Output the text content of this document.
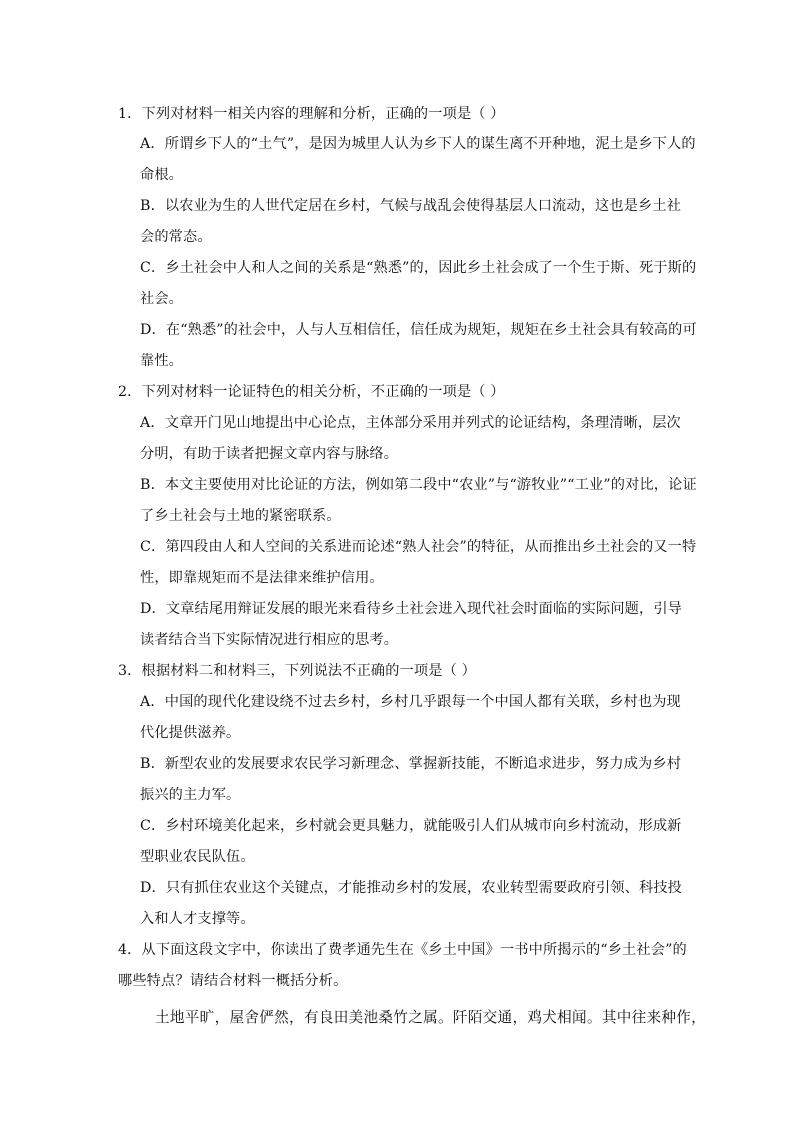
1．下列对材料一相关内容的理解和分析，正确的一项是（ ）
A．所谓乡下人的“土气”，是因为城里人认为乡下人的谋生离不开种地，泥土是乡下人的
命根。
B．以农业为生的人世代定居在乡村，气候与战乱会使得基层人口流动，这也是乡土社
会的常态。
C．乡土社会中人和人之间的关系是“熟悉”的，因此乡土社会成了一个生于斯、死于斯的
社会。
D．在“熟悉”的社会中，人与人互相信任，信任成为规矩，规矩在乡土社会具有较高的可
靠性。
2．下列对材料一论证特色的相关分析，不正确的一项是（ ）
A．文章开门见山地提出中心论点，主体部分采用并列式的论证结构，条理清晰，层次
分明，有助于读者把握文章内容与脉络。
B．本文主要使用对比论证的方法，例如第二段中“农业”与“游牧业”“工业”的对比，论证
了乡土社会与土地的紧密联系。
C．第四段由人和人空间的关系进而论述“熟人社会”的特征，从而推出乡土社会的又一特
性，即靠规矩而不是法律来维护信用。
D．文章结尾用辩证发展的眼光来看待乡土社会进入现代社会时面临的实际问题，引导
读者结合当下实际情况进行相应的思考。
3．根据材料二和材料三，下列说法不正确的一项是（ ）
A．中国的现代化建设绕不过去乡村，乡村几乎跟每一个中国人都有关联，乡村也为现
代化提供滋养。
B．新型农业的发展要求农民学习新理念、掌握新技能，不断追求进步，努力成为乡村
振兴的主力军。
C．乡村环境美化起来，乡村就会更具魅力，就能吸引人们从城市向乡村流动，形成新
型职业农民队伍。
D．只有抓住农业这个关键点，才能推动乡村的发展，农业转型需要政府引领、科技投
入和人才支撑等。
4．从下面这段文字中，你读出了费孝通先生在《乡土中国》一书中所揭示的“乡土社会”的
哪些特点？请结合材料一概括分析。
土地平旷，屋舍俨然，有良田美池桑竹之属。阡陌交通，鸡犬相闻。其中往来种作，
